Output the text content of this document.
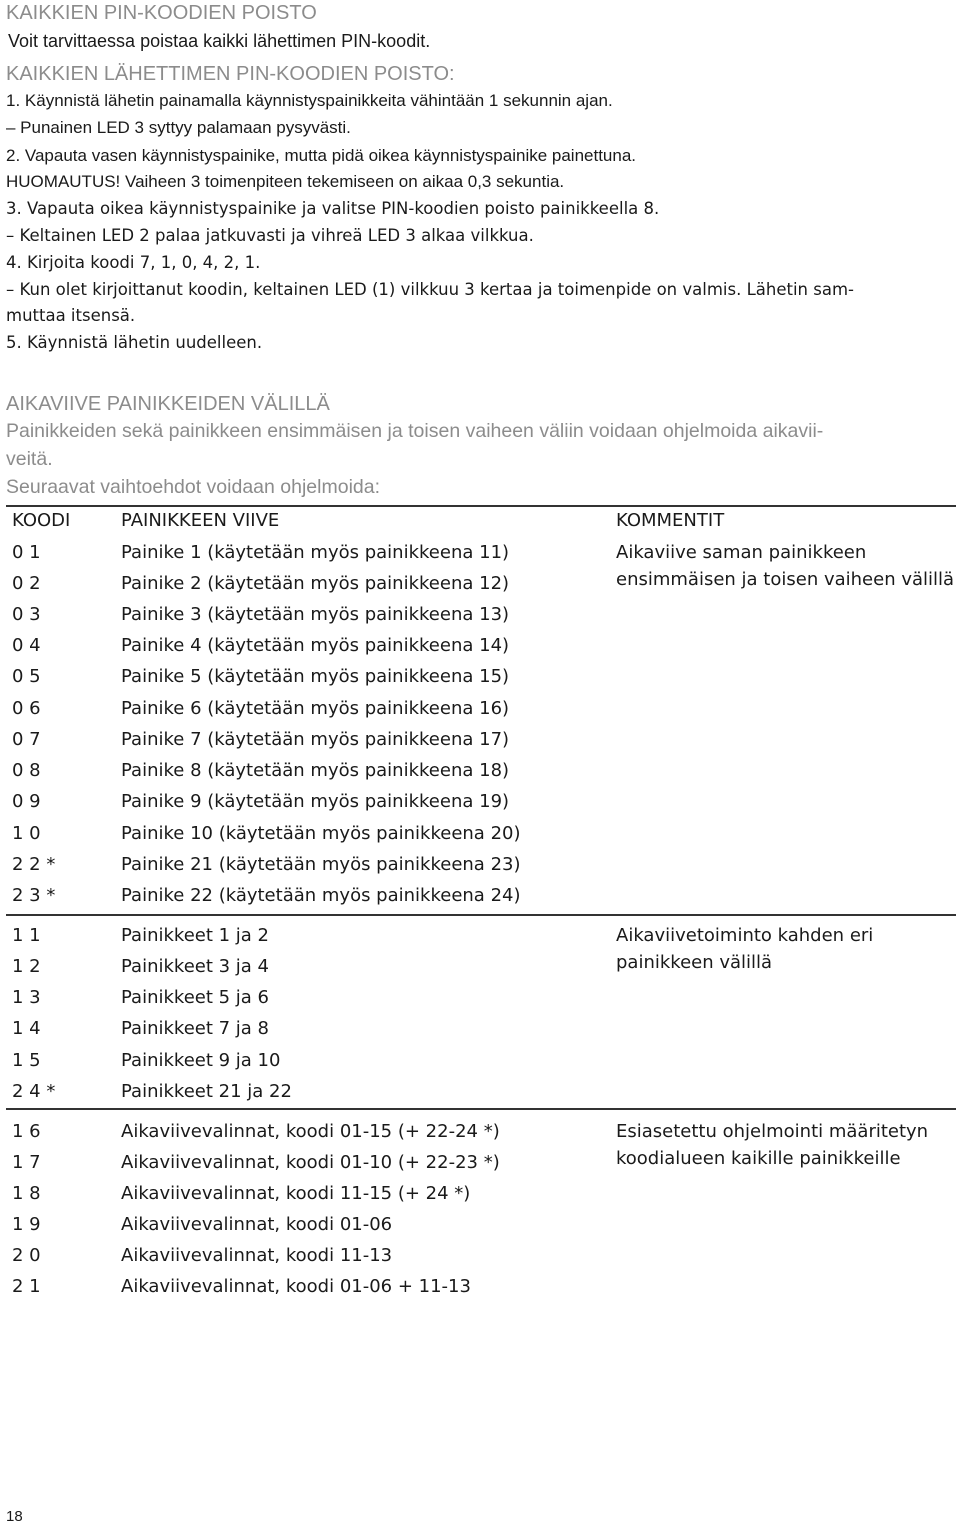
KAIKKIEN PIN-KOODIEN POISTO
Voit tarvittaessa poistaa kaikki lähettimen PIN-koodit.
KAIKKIEN LÄHETTIMEN PIN-KOODIEN POISTO:
1. Käynnistä lähetin painamalla käynnistyspainikkeita vähintään 1 sekunnin ajan.
– Punainen LED 3 syttyy palamaan pysyvästi.
2. Vapauta vasen käynnistyspainike, mutta pidä oikea käynnistyspainike painettuna.
HUOMAUTUS! Vaiheen 3 toimenpiteen tekemiseen on aikaa 0,3 sekuntia.
3. Vapauta oikea käynnistyspainike ja valitse PIN-koodien poisto painikkeella 8.
– Keltainen LED 2 palaa jatkuvasti ja vihreä LED 3 alkaa vilkkua.
4. Kirjoita koodi 7, 1, 0, 4, 2, 1.
– Kun olet kirjoittanut koodin, keltainen LED (1) vilkkuu 3 kertaa ja toimenpide on valmis. Lähetin sam-
muttaa itsensä.
5. Käynnistä lähetin uudelleen.
AIKAVIIVE PAINIKKEIDEN VÄLILLÄ
Painikkeiden sekä painikkeen ensimmäisen ja toisen vaiheen väliin voidaan ohjelmoida aikavii-
veitä.
Seuraavat vaihtoehdot voidaan ohjelmoida:
KOODI	PAINIKKEEN VIIVE	KOMMENTIT
0 1	Painike 1 (käytetään myös painikkeena 11)
0 2	Painike 2 (käytetään myös painikkeena 12)
0 3	Painike 3 (käytetään myös painikkeena 13)
0 4	Painike 4 (käytetään myös painikkeena 14)
0 5	Painike 5 (käytetään myös painikkeena 15)
0 6	Painike 6 (käytetään myös painikkeena 16)
0 7	Painike 7 (käytetään myös painikkeena 17)
0 8	Painike 8 (käytetään myös painikkeena 18)
0 9	Painike 9 (käytetään myös painikkeena 19)
1 0	Painike 10 (käytetään myös painikkeena 20)
2 2 *	Painike 21 (käytetään myös painikkeena 23)
2 3 *	Painike 22 (käytetään myös painikkeena 24)
Aikaviive saman painikkeen
ensimmäisen ja toisen vaiheen välillä
1 1	Painikkeet 1 ja 2
1 2	Painikkeet 3 ja 4
1 3	Painikkeet 5 ja 6
1 4	Painikkeet 7 ja 8
1 5	Painikkeet 9 ja 10
2 4 *	Painikkeet 21 ja 22
Aikaviivetoiminto kahden eri
painikkeen välillä
1 6	Aikaviivevalinnat, koodi 01-15 (+ 22-24 *)
1 7	Aikaviivevalinnat, koodi 01-10 (+ 22-23 *)
1 8	Aikaviivevalinnat, koodi 11-15 (+ 24 *)
1 9	Aikaviivevalinnat, koodi 01-06
2 0	Aikaviivevalinnat, koodi 11-13
2 1	Aikaviivevalinnat, koodi 01-06 + 11-13
Esiasetettu ohjelmointi määritetyn
koodialueen kaikille painikkeille
18
